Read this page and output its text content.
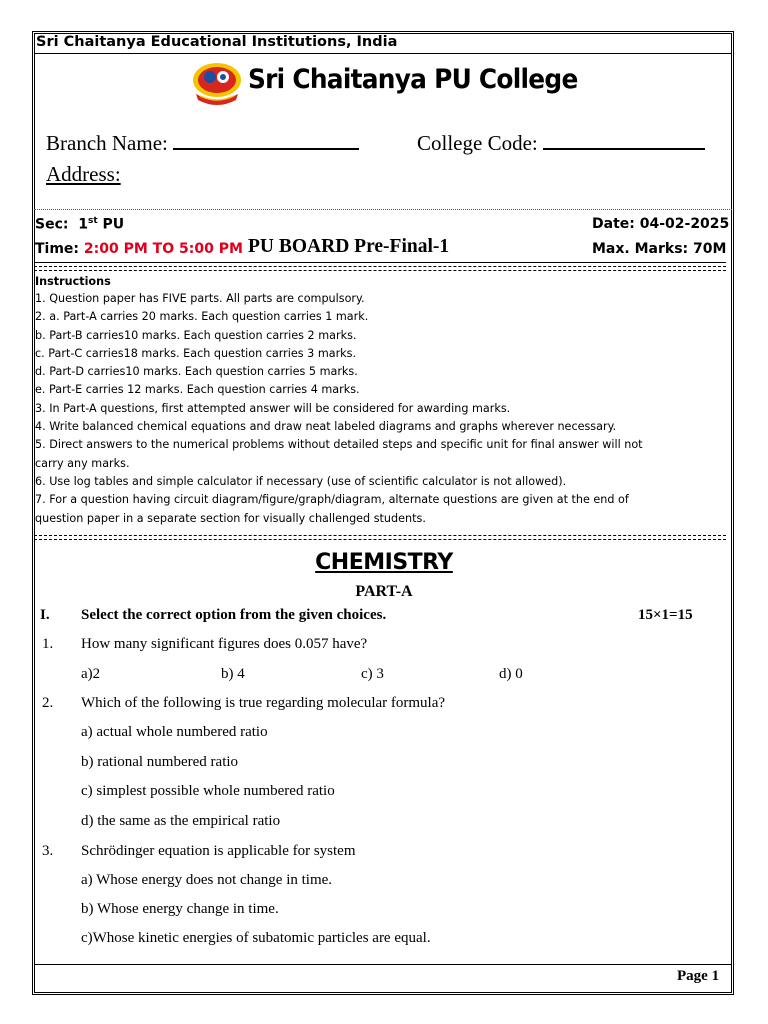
Sri Chaitanya Educational Institutions, India
Sri Chaitanya PU College
Branch Name:	College Code:
Address:
Sec: 1st PU	Date: 04-02-2025
Time: 2:00 PM TO 5:00 PM PU BOARD Pre-Final-1	Max. Marks: 70M
Instructions
1. Question paper has FIVE parts. All parts are compulsory.
2. a. Part-A carries 20 marks. Each question carries 1 mark.
b. Part-B carries10 marks. Each question carries 2 marks.
c. Part-C carries18 marks. Each question carries 3 marks.
d. Part-D carries10 marks. Each question carries 5 marks.
e. Part-E carries 12 marks. Each question carries 4 marks.
3. In Part-A questions, first attempted answer will be considered for awarding marks.
4. Write balanced chemical equations and draw neat labeled diagrams and graphs wherever necessary.
5. Direct answers to the numerical problems without detailed steps and specific unit for final answer will not
carry any marks.
6. Use log tables and simple calculator if necessary (use of scientific calculator is not allowed).
7. For a question having circuit diagram/figure/graph/diagram, alternate questions are given at the end of
question paper in a separate section for visually challenged students.
CHEMISTRY
PART-A
I. Select the correct option from the given choices.	15×1=15
1. How many significant figures does 0.057 have?
a)2	b) 4	c) 3	d) 0
2. Which of the following is true regarding molecular formula?
a) actual whole numbered ratio
b) rational numbered ratio
c) simplest possible whole numbered ratio
d) the same as the empirical ratio
3. Schrödinger equation is applicable for system
a) Whose energy does not change in time.
b) Whose energy change in time.
c)Whose kinetic energies of subatomic particles are equal.
Page 1
